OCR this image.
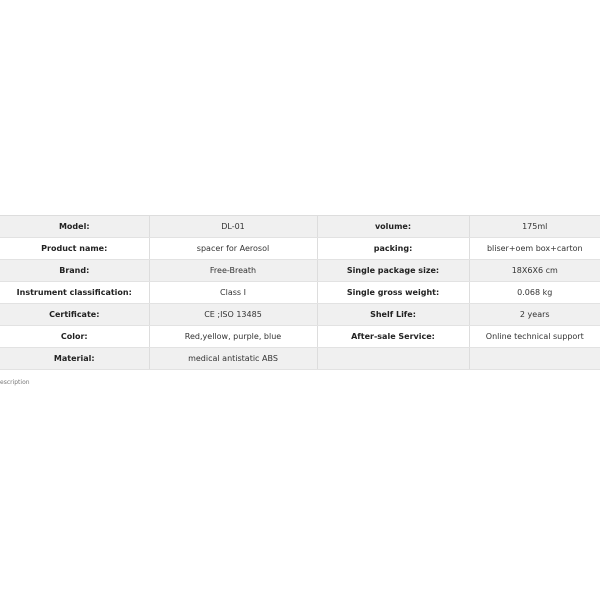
Model:	DL-01	volume:	175ml
Product name:	spacer for Aerosol	packing:	bliser+oem box+carton
Brand:	Free-Breath	Single package size:	18X6X6 cm
Instrument classification:	Class I	Single gross weight:	0.068 kg
Certificate:	CE ;ISO 13485	Shelf Life:	2 years
Color:	Red,yellow, purple, blue	After-sale Service:	Online technical support
Material:	medical antistatic ABS		
escription
